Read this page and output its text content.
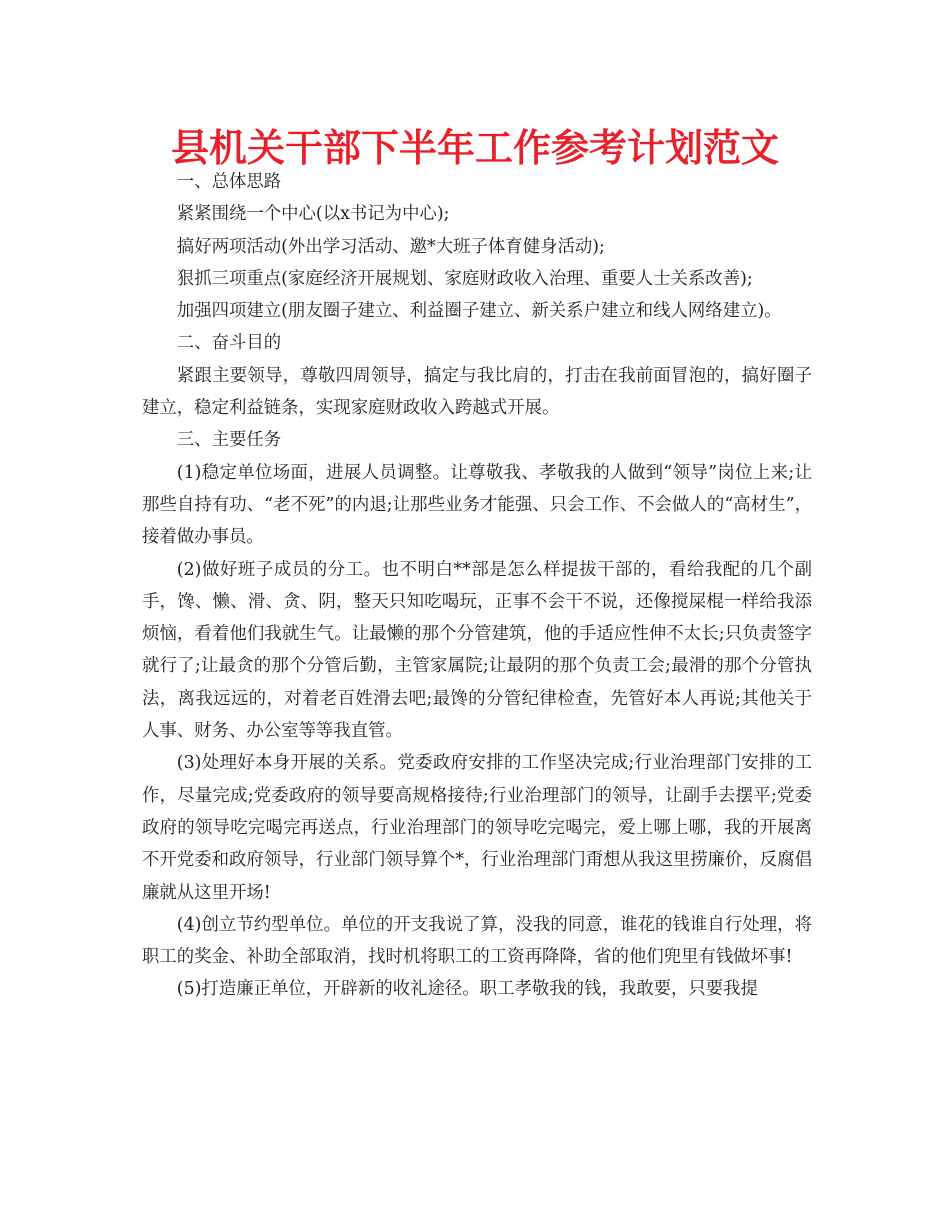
县机关干部下半年工作参考计划范文

一、总体思路

紧紧围绕一个中心(以x书记为中心);

搞好两项活动(外出学习活动、邀*大班子体育健身活动);

狠抓三项重点(家庭经济开展规划、家庭财政收入治理、重要人士关系改善);

加强四项建立(朋友圈子建立、利益圈子建立、新关系户建立和线人网络建立)。

二、奋斗目的

紧跟主要领导，尊敬四周领导，搞定与我比肩的，打击在我前面冒泡的，搞好圈子建立，稳定利益链条，实现家庭财政收入跨越式开展。

三、主要任务

(1)稳定单位场面，进展人员调整。让尊敬我、孝敬我的人做到“领导”岗位上来;让那些自持有功、“老不死”的内退;让那些业务才能强、只会工作、不会做人的“高材生”，接着做办事员。

(2)做好班子成员的分工。也不明白**部是怎么样提拔干部的，看给我配的几个副手，馋、懒、滑、贪、阴，整天只知吃喝玩，正事不会干不说，还像搅屎棍一样给我添烦恼，看着他们我就生气。让最懒的那个分管建筑，他的手适应性伸不太长;只负责签字就行了;让最贪的那个分管后勤，主管家属院;让最阴的那个负责工会;最滑的那个分管执法，离我远远的，对着老百姓滑去吧;最馋的分管纪律检查，先管好本人再说;其他关于人事、财务、办公室等等我直管。

(3)处理好本身开展的关系。党委政府安排的工作坚决完成;行业治理部门安排的工作，尽量完成;党委政府的领导要高规格接待;行业治理部门的领导，让副手去摆平;党委政府的领导吃完喝完再送点，行业治理部门的领导吃完喝完，爱上哪上哪，我的开展离不开党委和政府领导，行业部门领导算个*，行业治理部门甭想从我这里捞廉价，反腐倡廉就从这里开场!

(4)创立节约型单位。单位的开支我说了算，没我的同意，谁花的钱谁自行处理，将职工的奖金、补助全部取消，找时机将职工的工资再降降，省的他们兜里有钱做坏事!

(5)打造廉正单位，开辟新的收礼途径。职工孝敬我的钱，我敢要，只要我提
